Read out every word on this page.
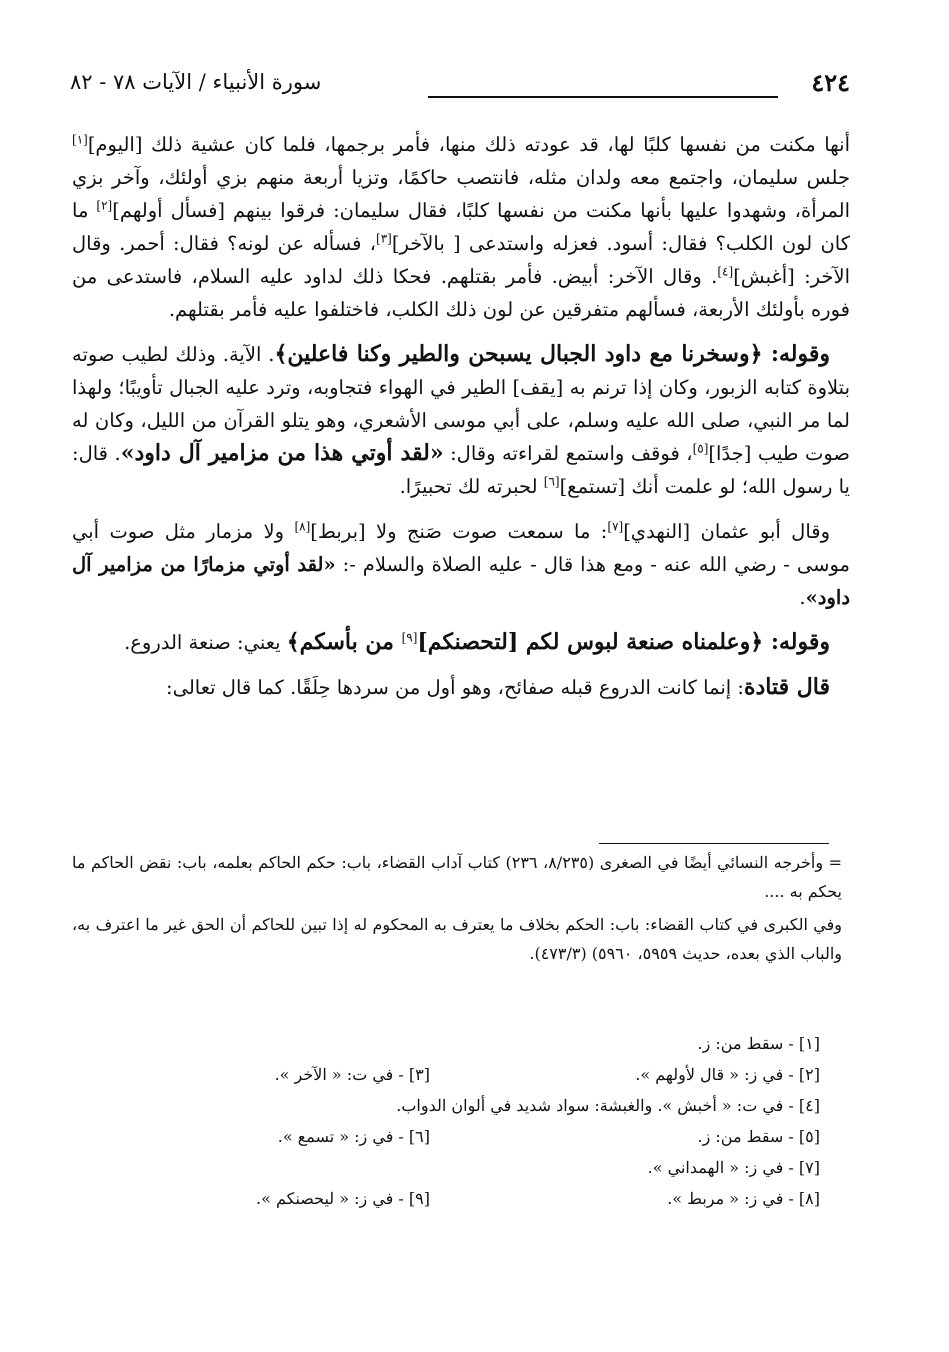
٤٢٤
سورة الأنبياء / الآيات ٧٨ - ٨٢

أنها مكنت من نفسها كلبًا لها، قد عودته ذلك منها، فأمر برجمها، فلما كان عشية ذلك [اليوم][١] جلس سليمان، واجتمع معه ولدان مثله، فانتصب حاكمًا، وتزيا أربعة منهم بزي أولئك، وآخر بزي المرأة، وشهدوا عليها بأنها مكنت من نفسها كلبًا، فقال سليمان: فرقوا بينهم [فسأل أولهم][٢] ما كان لون الكلب؟ فقال: أسود. فعزله واستدعى [ بالآخر][٣]، فسأله عن لونه؟ فقال: أحمر. وقال الآخر: [أغبش][٤]. وقال الآخر: أبيض. فأمر بقتلهم. فحكا ذلك لداود عليه السلام، فاستدعى من فوره بأولئك الأربعة، فسألهم متفرقين عن لون ذلك الكلب، فاختلفوا عليه فأمر بقتلهم.

وقوله: ﴿وسخرنا مع داود الجبال يسبحن والطير وكنا فاعلين﴾. الآية. وذلك لطيب صوته بتلاوة كتابه الزبور، وكان إذا ترنم به [يقف] الطير في الهواء فتجاوبه، وترد عليه الجبال تأويبًا؛ ولهذا لما مر النبي، صلى الله عليه وسلم، على أبي موسى الأشعري، وهو يتلو القرآن من الليل، وكان له صوت طيب [جدًا][٥]، فوقف واستمع لقراءته وقال: «لقد أوتي هذا من مزامير آل داود». قال: يا رسول الله؛ لو علمت أنك [تستمع][٦] لحبرته لك تحبيرًا.

وقال أبو عثمان [النهدي][٧]: ما سمعت صوت صَنج ولا [بربط][٨] ولا مزمار مثل صوت أبي موسى - رضي الله عنه - ومع هذا قال - عليه الصلاة والسلام -: «لقد أوتي مزمارًا من مزامير آل داود».

وقوله: ﴿وعلمناه صنعة لبوس لكم [لتحصنكم][٩] من بأسكم﴾ يعني: صنعة الدروع.

قال قتادة: إنما كانت الدروع قبله صفائح، وهو أول من سردها حِلَقًا. كما قال تعالى:

= وأخرجه النسائي أيضًا في الصغرى (٨/٢٣٥، ٢٣٦) كتاب آداب القضاء، باب: حكم الحاكم بعلمه، باب: نقض الحاكم ما يحكم به ....

وفي الكبرى في كتاب القضاء: باب: الحكم بخلاف ما يعترف به المحكوم له إذا تبين للحاكم أن الحق غير ما اعترف به، والباب الذي بعده، حديث ٥٩٥٩، ٥٩٦٠) (٤٧٣/٣).

[١] - سقط من: ز.
[٢] - في ز: « قال لأولهم ».
[٣] - في ت: « الآخر ».
[٤] - في ت: « أخبش ». والغبشة: سواد شديد في ألوان الدواب.
[٥] - سقط من: ز.
[٦] - في ز: « تسمع ».
[٧] - في ز: « الهمداني ».
[٨] - في ز: « مربط ».
[٩] - في ز: « ليحصنكم ».
